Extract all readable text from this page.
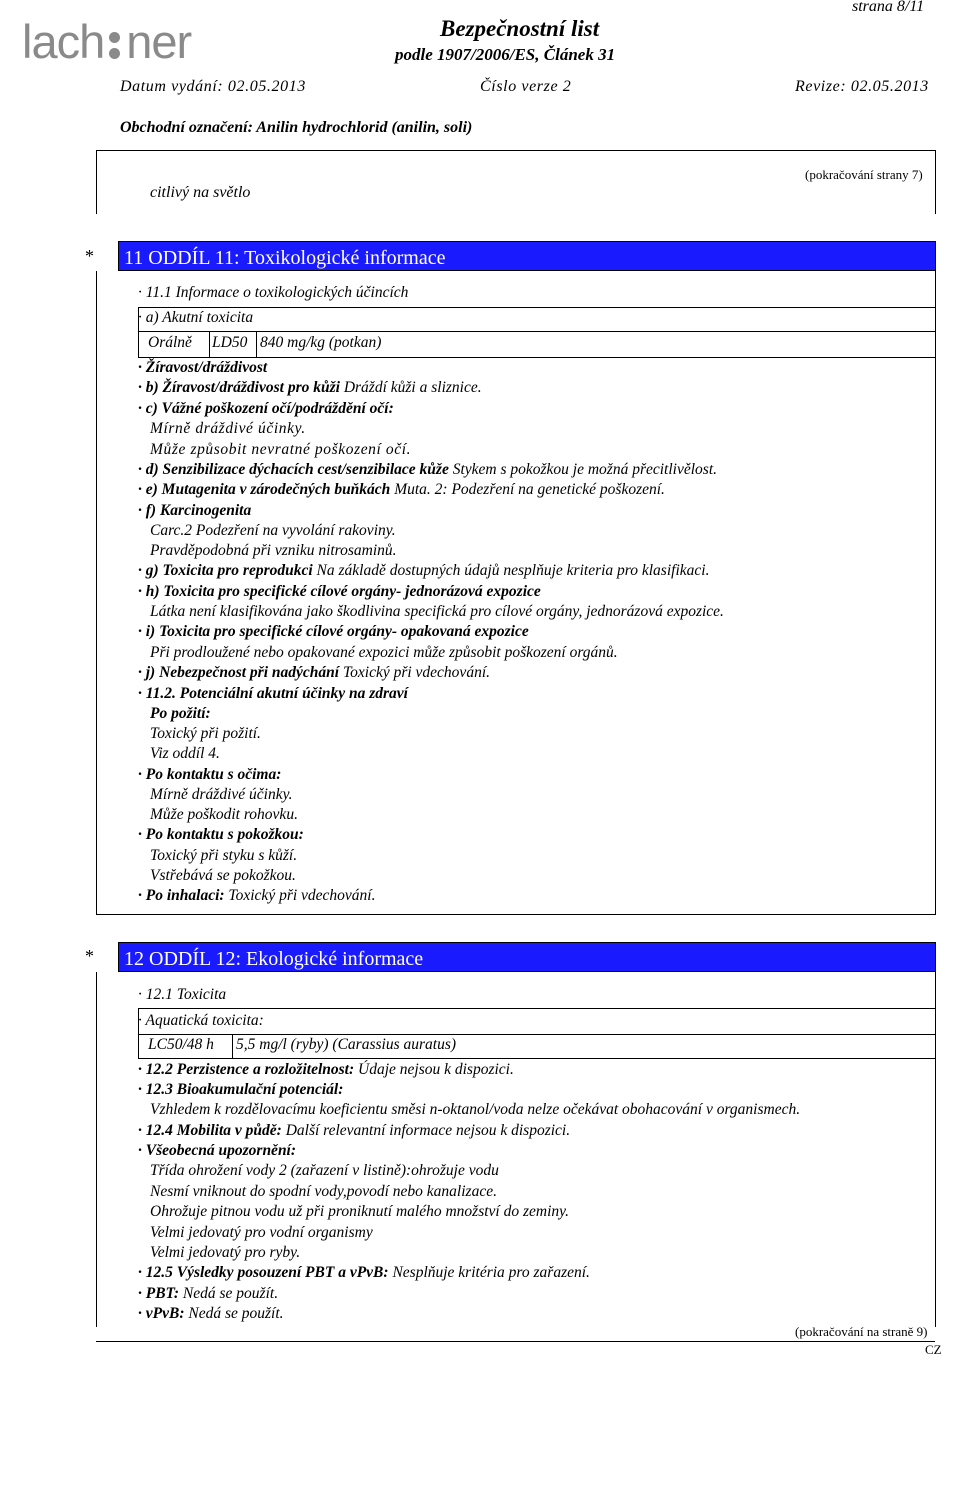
strana 8/11
lach ner	Bezpečnostní list
podle 1907/2006/ES, Článek 31
Datum vydání: 02.05.2013	Číslo verze 2	Revize: 02.05.2013
Obchodní označení: Anilin hydrochlorid (anilin, soli)
citlivý na světlo
(pokračování strany 7)
* 11 ODDÍL 11: Toxikologické informace
· 11.1 Informace o toxikologických účincích
· a) Akutní toxicita
Orálně LD50 840 mg/kg (potkan)
· Žíravost/dráždivost
· b) Žíravost/dráždivost pro kůži Dráždí kůži a sliznice.
· c) Vážné poškození očí/podráždění očí:
Mírně dráždivé účinky.
Může způsobit nevratné poškození očí.
· d) Senzibilizace dýchacích cest/senzibilace kůže Stykem s pokožkou je možná přecitlivělost.
· e) Mutagenita v zárodečných buňkách Muta. 2: Podezření na genetické poškození.
· f) Karcinogenita
Carc.2 Podezření na vyvolání rakoviny.
Pravděpodobná při vzniku nitrosaminů.
· g) Toxicita pro reprodukci Na základě dostupných údajů nesplňuje kriteria pro klasifikaci.
· h) Toxicita pro specifické cílové orgány- jednorázová expozice
Látka není klasifikována jako škodlivina specifická pro cílové orgány, jednorázová expozice.
· i) Toxicita pro specifické cílové orgány- opakovaná expozice
Při prodloužené nebo opakované expozici může způsobit poškození orgánů.
· j) Nebezpečnost při nadýchání Toxický při vdechování.
· 11.2. Potenciální akutní účinky na zdraví
Po požití:
Toxický při požití.
Viz oddíl 4.
· Po kontaktu s očima:
Mírně dráždivé účinky.
Může poškodit rohovku.
· Po kontaktu s pokožkou:
Toxický při styku s kůží.
Vstřebává se pokožkou.
· Po inhalaci: Toxický při vdechování.
* 12 ODDÍL 12: Ekologické informace
· 12.1 Toxicita
· Aquatická toxicita:
LC50/48 h 5,5 mg/l (ryby) (Carassius auratus)
· 12.2 Perzistence a rozložitelnost: Údaje nejsou k dispozici.
· 12.3 Bioakumulační potenciál:
Vzhledem k rozdělovacímu koeficientu směsi n-oktanol/voda nelze očekávat obohacování v organismech.
· 12.4 Mobilita v půdě: Další relevantní informace nejsou k dispozici.
· Všeobecná upozornění:
Třída ohrožení vody 2 (zařazení v listině):ohrožuje vodu
Nesmí vniknout do spodní vody,povodí nebo kanalizace.
Ohrožuje pitnou vodu už při proniknutí malého množství do zeminy.
Velmi jedovatý pro vodní organismy
Velmi jedovatý pro ryby.
· 12.5 Výsledky posouzení PBT a vPvB: Nesplňuje kritéria pro zařazení.
· PBT: Nedá se použít.
· vPvB: Nedá se použít.
(pokračování na straně 9)
CZ
